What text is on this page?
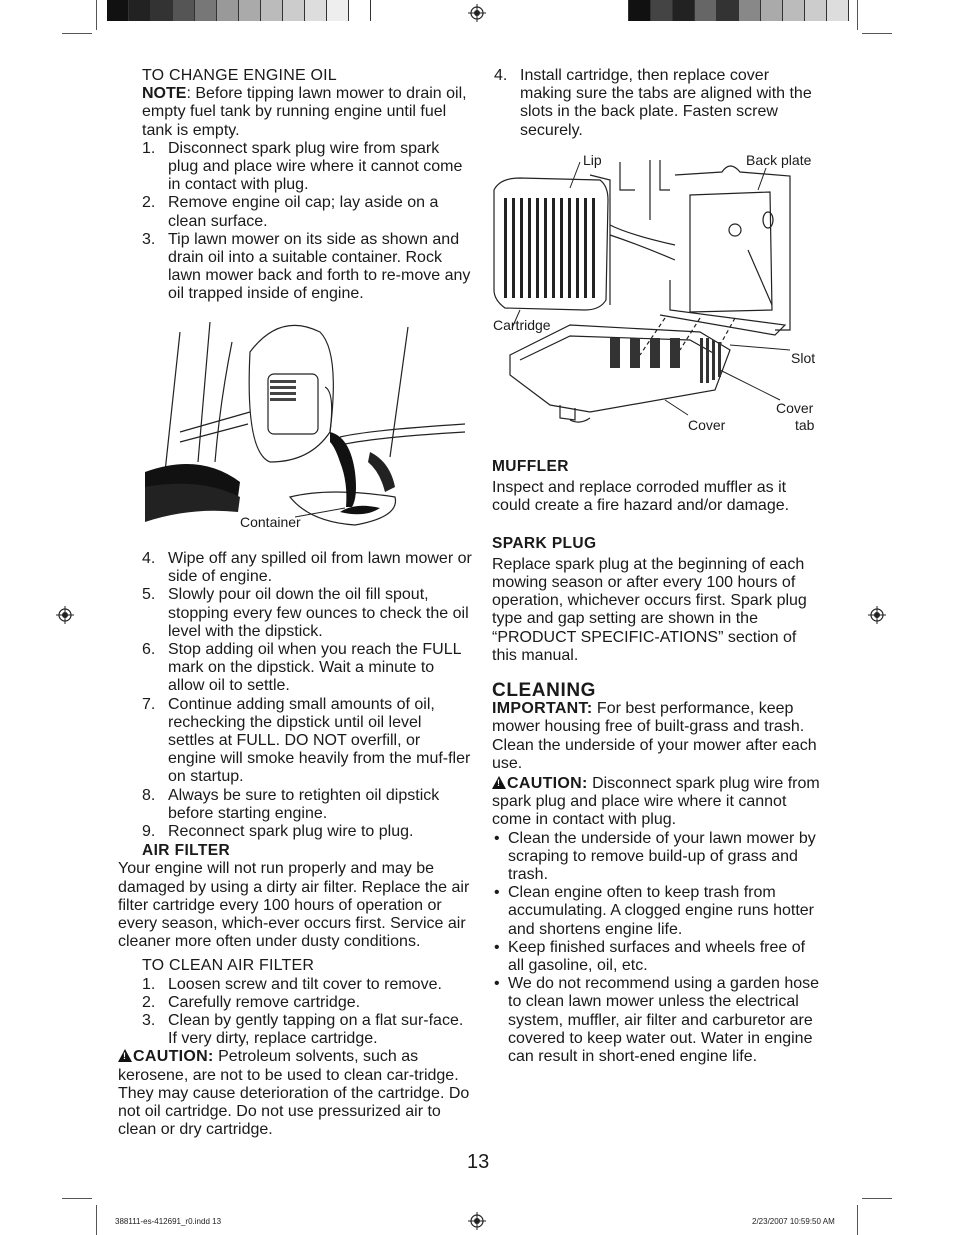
TO CHANGE ENGINE OIL

NOTE: Before tipping lawn mower to drain oil, empty fuel tank by running engine until fuel tank is empty.

1. Disconnect spark plug wire from spark plug and place wire where it cannot come in contact with plug.
2. Remove engine oil cap; lay aside on a clean surface.
3. Tip lawn mower on its side as shown and drain oil into a suitable container. Rock lawn mower back and forth to re-move any oil trapped inside of engine.
Container
4. Wipe off any spilled oil from lawn mower or side of engine.
5. Slowly pour oil down the oil fill spout, stopping every few ounces to check the oil level with the dipstick.
6. Stop adding oil when you reach the FULL mark on the dipstick. Wait a minute to allow oil to settle.
7. Continue adding small amounts of oil, rechecking the dipstick until oil level settles at FULL. DO NOT overfill, or engine will smoke heavily from the muf-fler on startup.
8. Always be sure to retighten oil dipstick before starting engine.
9. Reconnect spark plug wire to plug.

AIR FILTER

Your engine will not run properly and may be damaged by using a dirty air filter. Replace the air filter cartridge every 100 hours of operation or every season, which-ever occurs first. Service air cleaner more often under dusty conditions.

TO CLEAN AIR FILTER

1. Loosen screw and tilt cover to remove.
2. Carefully remove cartridge.
3. Clean by gently tapping on a flat sur-face. If very dirty, replace cartridge.

!CAUTION: Petroleum solvents, such as kerosene, are not to be used to clean car-tridge. They may cause deterioration of the cartridge. Do not oil cartridge. Do not use pressurized air to clean or dry cartridge.

4. Install cartridge, then replace cover making sure the tabs are aligned with the slots in the back plate. Fasten screw securely.
Lip	Back plate
Cartridge
Slot
Cover
Cover
tab

MUFFLER

Inspect and replace corroded muffler as it could create a fire hazard and/or damage.

SPARK PLUG

Replace spark plug at the beginning of each mowing season or after every 100 hours of operation, whichever occurs first. Spark plug type and gap setting are shown in the “PRODUCT SPECIFIC-ATIONS” section of this manual.

CLEANING

IMPORTANT: For best performance, keep mower housing free of built-grass and trash. Clean the underside of your mower after each use.

!CAUTION: Disconnect spark plug wire from spark plug and place wire where it cannot come in contact with plug.

• Clean the underside of your lawn mower by scraping to remove build-up of grass and trash.
• Clean engine often to keep trash from accumulating. A clogged engine runs hotter and shortens engine life.
• Keep finished surfaces and wheels free of all gasoline, oil, etc.
• We do not recommend using a garden hose to clean lawn mower unless the electrical system, muffler, air filter and carburetor are covered to keep water out. Water in engine can result in short-ened engine life.
13
388111-es-412691_r0.indd 13	2/23/2007 10:59:50 AM
